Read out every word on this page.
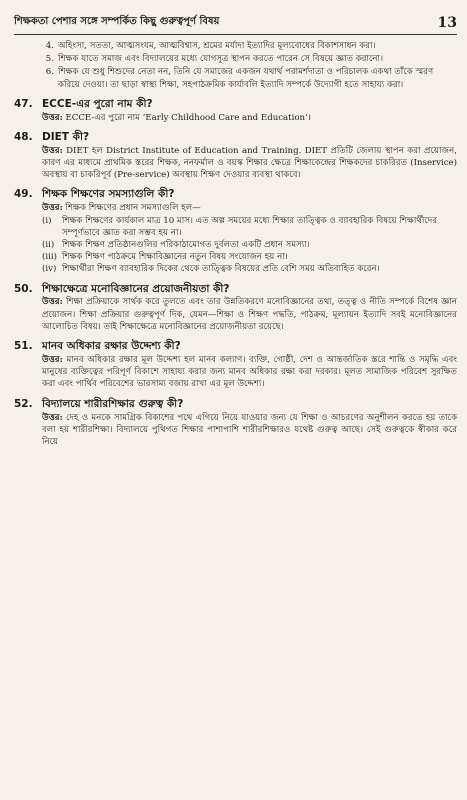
শিক্ষকতা পেশার সঙ্গে সম্পর্কিত কিছু গুরুত্বপূর্ণ বিষয়	13
4. অহিংসা, সততা, আত্মসংযম, আত্মবিশ্বাস, শ্রমের মর্যাদা ইত্যাদির মূল্যবোধের বিকাশসাধন করা।
5. শিক্ষক যাতে সমাজ এবং বিদ্যালয়ের মধ্যে যোগসূত্র স্থাপন করতে পারেন সে বিষয়ে জ্ঞাত করানো।
6. শিক্ষক যে শুধু শিশুদের নেতা নন, তিনি যে সমাজের একজন যথার্থ পরামর্শদাতা ও পরিচালক একথা তাঁকে স্মরণ করিয়ে দেওয়া। তা ছাড়া স্বাস্থ্য শিক্ষা, সহপাঠক্রমিক কার্যাবলি ইত্যাদি সম্পর্কে উদ্যোগী হতে সাহায্য করা।
47. ECCE-এর পুরো নাম কী?
উত্তর: ECCE-এর পুরো নাম ‘Early Childhood Care and Education’।
48. DIET কী?
উত্তর: DIET হল District Institute of Education and Training. DIET প্রতিটি জেলায় স্থাপন করা প্রয়োজন, কারণ এর মাধ্যমে প্রাথমিক স্তরের শিক্ষক, ননফর্মাল ও বয়স্ক শিক্ষার ক্ষেত্রে শিক্ষাকেন্দ্রের শিক্ষকদের চাকরিরত (Inservice) অবস্থায় বা চাকরিপূর্ব (Pre-service) অবস্থায় শিক্ষণ দেওয়ার ব্যবস্থা থাকবে।
49. শিক্ষক শিক্ষণের সমস্যাগুলি কী?
উত্তর: শিক্ষক শিক্ষণের প্রধান সমস্যাগুলি হল—
(i)	শিক্ষক শিক্ষণের কার্যকাল মাত্র 10 মাস। এত অল্প সময়ের মধ্যে শিক্ষার তাত্ত্বিক ও ব্যাবহারিক বিষয়ে শিক্ষার্থীদের সম্পূর্ণভাবে জ্ঞাত করা সম্ভব হয় না।
(ii) শিক্ষক শিক্ষণ প্রতিষ্ঠানগুলির পরিকাঠামোগত দুর্বলতা একটি প্রধান সমস্যা।
(iii) শিক্ষক শিক্ষণ পাঠক্রমে শিক্ষাবিজ্ঞানের নতুন বিষয় সংযোজন হয় না।
(iv) শিক্ষার্থীরা শিক্ষণ ব্যাবহারিক দিকের থেকে তাত্ত্বিক বিষয়ের প্রতি বেশি সময় অতিবাহিত করেন।
50. শিক্ষাক্ষেত্রে মনোবিজ্ঞানের প্রয়োজনীয়তা কী?
উত্তর: শিক্ষা প্রক্রিয়াকে সার্থক করে তুলতে এবং তার উন্নতিকরণে মনোবিজ্ঞানের তথ্য, তত্ত্ব ও নীতি সম্পর্কে বিশেষ জ্ঞান প্রয়োজন। শিক্ষা প্রক্রিয়ার গুরুত্বপূর্ণ দিক, যেমন—শিক্ষা ও শিক্ষণ পদ্ধতি, পাঠক্রম, মূল্যায়ন ইত্যাদি সবই মনোবিজ্ঞানের আলোচিত বিষয়। তাই শিক্ষাক্ষেত্রে মনোবিজ্ঞানের প্রয়োজনীয়তা রয়েছে।
51. মানব অধিকার রক্ষার উদ্দেশ্য কী?
উত্তর: মানব অধিকার রক্ষার মূল উদ্দেশ্য হল মানব কল্যাণ। ব্যক্তি, গোষ্ঠী, দেশ ও আন্তর্জাতিক স্তরে শান্তি ও সমৃদ্ধি এবং মানুষের ব্যক্তিত্বের পরিপূর্ণ বিকাশে সাহায্য করার জন্য মানব অধিকার রক্ষা করা দরকার। মূলত সামাজিক পরিবেশ সুরক্ষিত করা এবং পার্থিব পরিবেশের ভারসাম্য বজায় রাখা এর মূল উদ্দেশ্য।
52. বিদ্যালয়ে শারীরশিক্ষার গুরুত্ব কী?
উত্তর: দেহ ও মনকে সামগ্রিক বিকাশের পথে এগিয়ে নিয়ে যাওয়ার জন্য যে শিক্ষা ও আচরণের অনুশীলন করতে হয় তাকে বলা হয় শারীরশিক্ষা। বিদ্যালয়ে পুথিগত শিক্ষার পাশাপাশি শারীরশিক্ষারও যথেষ্ট গুরুত্ব আছে। সেই গুরুত্বকে স্বীকার করে নিয়ে
